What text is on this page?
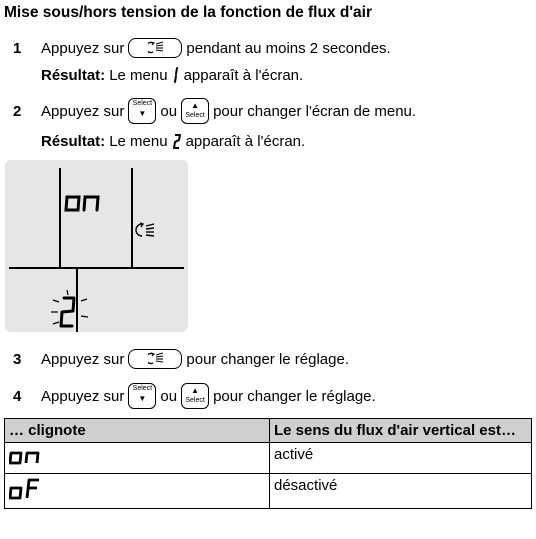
Mise sous/hors tension de la fonction de flux d'air
1	Appuyez sur	pendant au moins 2 secondes.
Résultat: Le menu apparaît à l'écran.
2	Appuyez sur	Select
▼ ou	▲
Select pour changer l'écran de menu.
Résultat: Le menu apparaît à l'écran.
3	Appuyez sur	pour changer le réglage.
4	Appuyez sur	Select
▼ ou	▲
Select pour changer le réglage.
… clignote	Le sens du flux d'air vertical est…
	activé
	désactivé
